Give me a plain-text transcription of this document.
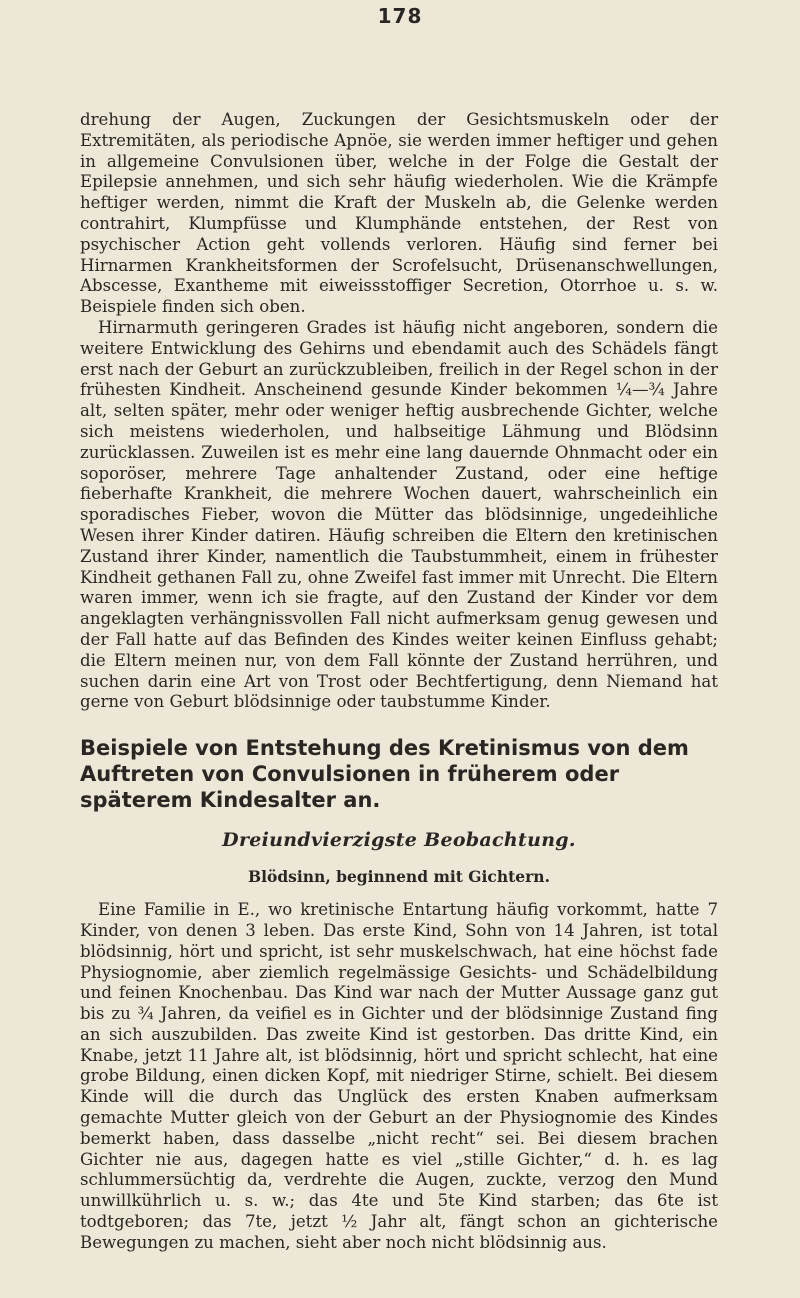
178

drehung der Augen, Zuckungen der Gesichtsmuskeln oder der Extremitäten, als periodische Apnöe, sie werden immer heftiger und gehen in allgemeine Convulsionen über, welche in der Folge die Gestalt der Epilepsie annehmen, und sich sehr häufig wiederholen. Wie die Krämpfe heftiger werden, nimmt die Kraft der Muskeln ab, die Gelenke werden contrahirt, Klumpfüsse und Klumphände entstehen, der Rest von psychischer Action geht vollends verloren. Häufig sind ferner bei Hirnarmen Krankheitsformen der Scrofelsucht, Drüsenanschwellungen, Abscesse, Exantheme mit eiweissstoffiger Secretion, Otorrhoe u. s. w. Beispiele finden sich oben.

Hirnarmuth geringeren Grades ist häufig nicht angeboren, sondern die weitere Entwicklung des Gehirns und ebendamit auch des Schädels fängt erst nach der Geburt an zurückzubleiben, freilich in der Regel schon in der frühesten Kindheit. Anscheinend gesunde Kinder bekommen ¼—¾ Jahre alt, selten später, mehr oder weniger heftig ausbrechende Gichter, welche sich meistens wiederholen, und halbseitige Lähmung und Blödsinn zurücklassen. Zuweilen ist es mehr eine lang dauernde Ohnmacht oder ein soporöser, mehrere Tage anhaltender Zustand, oder eine heftige fieberhafte Krankheit, die mehrere Wochen dauert, wahrscheinlich ein sporadisches Fieber, wovon die Mütter das blödsinnige, ungedeihliche Wesen ihrer Kinder datiren. Häufig schreiben die Eltern den kretinischen Zustand ihrer Kinder, namentlich die Taubstummheit, einem in frühester Kindheit gethanen Fall zu, ohne Zweifel fast immer mit Unrecht. Die Eltern waren immer, wenn ich sie fragte, auf den Zustand der Kinder vor dem angeklagten verhängnissvollen Fall nicht aufmerksam genug gewesen und der Fall hatte auf das Befinden des Kindes weiter keinen Einfluss gehabt; die Eltern meinen nur, von dem Fall könnte der Zustand herrühren, und suchen darin eine Art von Trost oder Bechtfertigung, denn Niemand hat gerne von Geburt blödsinnige oder taubstumme Kinder.

Beispiele von Entstehung des Kretinismus von dem Auftreten von Convulsionen in früherem oder späterem Kindesalter an.
Dreiundvierzigste Beobachtung.
Blödsinn, beginnend mit Gichtern.

Eine Familie in E., wo kretinische Entartung häufig vorkommt, hatte 7 Kinder, von denen 3 leben. Das erste Kind, Sohn von 14 Jahren, ist total blödsinnig, hört und spricht, ist sehr muskelschwach, hat eine höchst fade Physiognomie, aber ziemlich regelmässige Gesichts- und Schädelbildung und feinen Knochenbau. Das Kind war nach der Mutter Aussage ganz gut bis zu ¾ Jahren, da veifiel es in Gichter und der blödsinnige Zustand fing an sich auszubilden. Das zweite Kind ist gestorben. Das dritte Kind, ein Knabe, jetzt 11 Jahre alt, ist blödsinnig, hört und spricht schlecht, hat eine grobe Bildung, einen dicken Kopf, mit niedriger Stirne, schielt. Bei diesem Kinde will die durch das Unglück des ersten Knaben aufmerksam gemachte Mutter gleich von der Geburt an der Physiognomie des Kindes bemerkt haben, dass dasselbe „nicht recht“ sei. Bei diesem brachen Gichter nie aus, dagegen hatte es viel „stille Gichter,“ d. h. es lag schlummersüchtig da, verdrehte die Augen, zuckte, verzog den Mund unwillkührlich u. s. w.; das 4te und 5te Kind starben; das 6te ist todtgeboren; das 7te, jetzt ½ Jahr alt, fängt schon an gichterische Bewegungen zu machen, sieht aber noch nicht blödsinnig aus.
